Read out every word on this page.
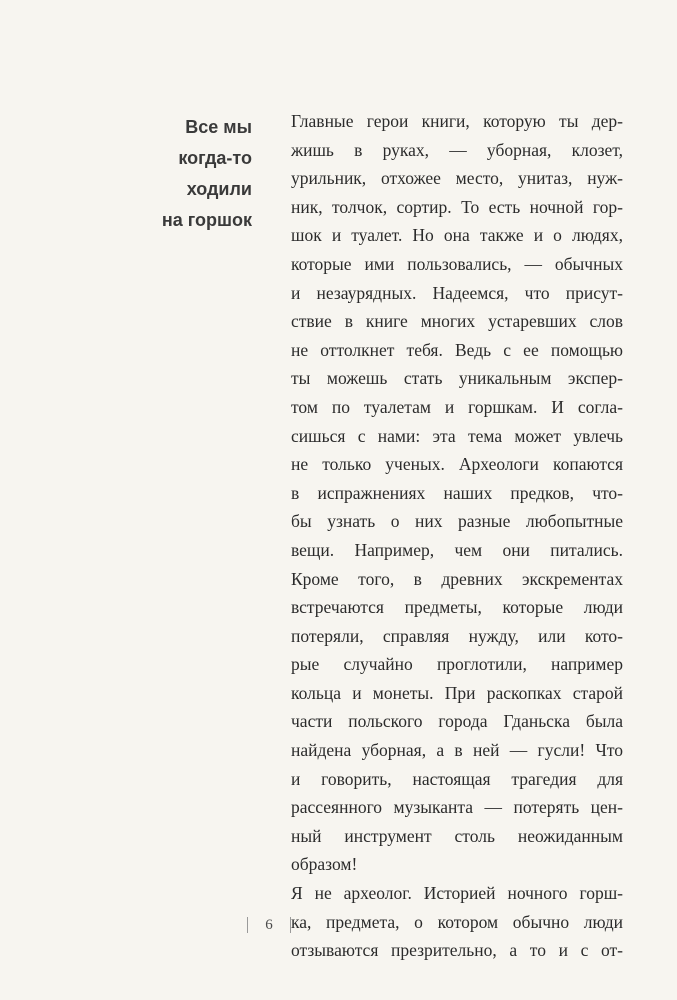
Все мы
когда-то
ходили
на горшок
Главные герои книги, которую ты дер-
жишь в руках, — уборная, клозет,
урильник, отхожее место, унитаз, нуж-
ник, толчок, сортир. То есть ночной гор-
шок и туалет. Но она также и о людях,
которые ими пользовались, — обычных
и незаурядных. Надеемся, что присут-
ствие в книге многих устаревших слов
не оттолкнет тебя. Ведь с ее помощью
ты можешь стать уникальным экспер-
том по туалетам и горшкам. И согла-
сишься с нами: эта тема может увлечь
не только ученых. Археологи копаются
в испражнениях наших предков, что-
бы узнать о них разные любопытные
вещи. Например, чем они питались.
Кроме того, в древних экскрементах
встречаются предметы, которые люди
потеряли, справляя нужду, или кото-
рые случайно проглотили, например
кольца и монеты. При раскопках старой
части польского города Гданьска была
найдена уборная, а в ней — гусли! Что
и говорить, настоящая трагедия для
рассеянного музыканта — потерять цен-
ный инструмент столь неожиданным
образом!
Я не археолог. Историей ночного горш-
ка, предмета, о котором обычно люди
отзываются презрительно, а то и с от-
6
